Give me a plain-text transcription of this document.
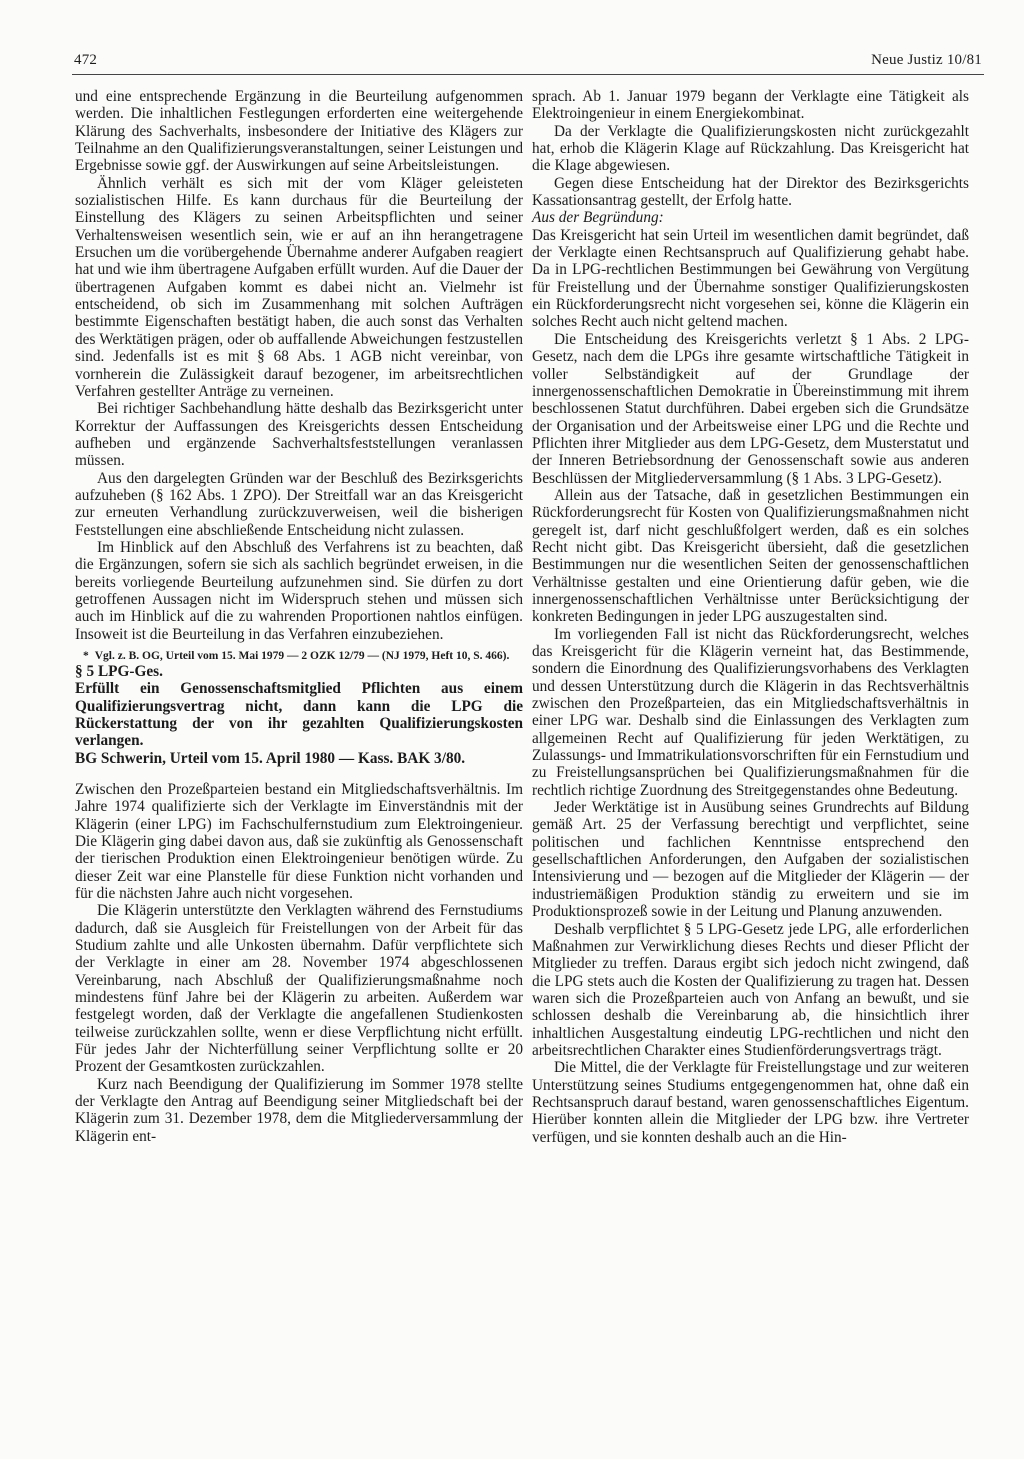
472	Neue Justiz 10/81

und eine entsprechende Ergänzung in die Beurteilung aufgenommen werden. Die inhaltlichen Festlegungen erforderten eine weitergehende Klärung des Sachverhalts, insbesondere der Initiative des Klägers zur Teilnahme an den Qualifizierungsveranstaltungen, seiner Leistungen und Ergebnisse sowie ggf. der Auswirkungen auf seine Arbeitsleistungen.

Ähnlich verhält es sich mit der vom Kläger geleisteten sozialistischen Hilfe. Es kann durchaus für die Beurteilung der Einstellung des Klägers zu seinen Arbeitspflichten und seiner Verhaltensweisen wesentlich sein, wie er auf an ihn herangetragene Ersuchen um die vorübergehende Übernahme anderer Aufgaben reagiert hat und wie ihm übertragene Aufgaben erfüllt wurden. Auf die Dauer der übertragenen Aufgaben kommt es dabei nicht an. Vielmehr ist entscheidend, ob sich im Zusammenhang mit solchen Aufträgen bestimmte Eigenschaften bestätigt haben, die auch sonst das Verhalten des Werktätigen prägen, oder ob auffallende Abweichungen festzustellen sind. Jedenfalls ist es mit § 68 Abs. 1 AGB nicht vereinbar, von vornherein die Zulässigkeit darauf bezogener, im arbeitsrechtlichen Verfahren gestellter Anträge zu verneinen.

Bei richtiger Sachbehandlung hätte deshalb das Bezirksgericht unter Korrektur der Auffassungen des Kreisgerichts dessen Entscheidung aufheben und ergänzende Sachverhaltsfeststellungen veranlassen müssen.

Aus den dargelegten Gründen war der Beschluß des Bezirksgerichts aufzuheben (§ 162 Abs. 1 ZPO). Der Streitfall war an das Kreisgericht zur erneuten Verhandlung zurückzuverweisen, weil die bisherigen Feststellungen eine abschließende Entscheidung nicht zulassen.

Im Hinblick auf den Abschluß des Verfahrens ist zu beachten, daß die Ergänzungen, sofern sie sich als sachlich begründet erweisen, in die bereits vorliegende Beurteilung aufzunehmen sind. Sie dürfen zu dort getroffenen Aussagen nicht im Widerspruch stehen und müssen sich auch im Hinblick auf die zu wahrenden Proportionen nahtlos einfügen. Insoweit ist die Beurteilung in das Verfahren einzubeziehen.

* Vgl. z. B. OG, Urteil vom 15. Mai 1979 — 2 OZK 12/79 — (NJ 1979, Heft 10, S. 466).

§ 5 LPG-Ges.

Erfüllt ein Genossenschaftsmitglied Pflichten aus einem Qualifizierungsvertrag nicht, dann kann die LPG die Rückerstattung der von ihr gezahlten Qualifizierungskosten verlangen.

BG Schwerin, Urteil vom 15. April 1980 — Kass. BAK 3/80.

Zwischen den Prozeßparteien bestand ein Mitgliedschaftsverhältnis. Im Jahre 1974 qualifizierte sich der Verklagte im Einverständnis mit der Klägerin (einer LPG) im Fachschulfernstudium zum Elektroingenieur. Die Klägerin ging dabei davon aus, daß sie zukünftig als Genossenschaft der tierischen Produktion einen Elektroingenieur benötigen würde. Zu dieser Zeit war eine Planstelle für diese Funktion nicht vorhanden und für die nächsten Jahre auch nicht vorgesehen.

Die Klägerin unterstützte den Verklagten während des Fernstudiums dadurch, daß sie Ausgleich für Freistellungen von der Arbeit für das Studium zahlte und alle Unkosten übernahm. Dafür verpflichtete sich der Verklagte in einer am 28. November 1974 abgeschlossenen Vereinbarung, nach Abschluß der Qualifizierungsmaßnahme noch mindestens fünf Jahre bei der Klägerin zu arbeiten. Außerdem war festgelegt worden, daß der Verklagte die angefallenen Studienkosten teilweise zurückzahlen sollte, wenn er diese Verpflichtung nicht erfüllt. Für jedes Jahr der Nichterfüllung seiner Verpflichtung sollte er 20 Prozent der Gesamtkosten zurückzahlen.

Kurz nach Beendigung der Qualifizierung im Sommer 1978 stellte der Verklagte den Antrag auf Beendigung seiner Mitgliedschaft bei der Klägerin zum 31. Dezember 1978, dem die Mitgliederversammlung der Klägerin ent-

sprach. Ab 1. Januar 1979 begann der Verklagte eine Tätigkeit als Elektroingenieur in einem Energiekombinat.

Da der Verklagte die Qualifizierungskosten nicht zurückgezahlt hat, erhob die Klägerin Klage auf Rückzahlung. Das Kreisgericht hat die Klage abgewiesen.

Gegen diese Entscheidung hat der Direktor des Bezirksgerichts Kassationsantrag gestellt, der Erfolg hatte.

Aus der Begründung:

Das Kreisgericht hat sein Urteil im wesentlichen damit begründet, daß der Verklagte einen Rechtsanspruch auf Qualifizierung gehabt habe. Da in LPG-rechtlichen Bestimmungen bei Gewährung von Vergütung für Freistellung und der Übernahme sonstiger Qualifizierungskosten ein Rückforderungsrecht nicht vorgesehen sei, könne die Klägerin ein solches Recht auch nicht geltend machen.

Die Entscheidung des Kreisgerichts verletzt § 1 Abs. 2 LPG-Gesetz, nach dem die LPGs ihre gesamte wirtschaftliche Tätigkeit in voller Selbständigkeit auf der Grundlage der innergenossenschaftlichen Demokratie in Übereinstimmung mit ihrem beschlossenen Statut durchführen. Dabei ergeben sich die Grundsätze der Organisation und der Arbeitsweise einer LPG und die Rechte und Pflichten ihrer Mitglieder aus dem LPG-Gesetz, dem Musterstatut und der Inneren Betriebsordnung der Genossenschaft sowie aus anderen Beschlüssen der Mitgliederversammlung (§ 1 Abs. 3 LPG-Gesetz).

Allein aus der Tatsache, daß in gesetzlichen Bestimmungen ein Rückforderungsrecht für Kosten von Qualifizierungsmaßnahmen nicht geregelt ist, darf nicht geschlußfolgert werden, daß es ein solches Recht nicht gibt. Das Kreisgericht übersieht, daß die gesetzlichen Bestimmungen nur die wesentlichen Seiten der genossenschaftlichen Verhältnisse gestalten und eine Orientierung dafür geben, wie die innergenossenschaftlichen Verhältnisse unter Berücksichtigung der konkreten Bedingungen in jeder LPG auszugestalten sind.

Im vorliegenden Fall ist nicht das Rückforderungsrecht, welches das Kreisgericht für die Klägerin verneint hat, das Bestimmende, sondern die Einordnung des Qualifizierungsvorhabens des Verklagten und dessen Unterstützung durch die Klägerin in das Rechtsverhältnis zwischen den Prozeßparteien, das ein Mitgliedschaftsverhältnis in einer LPG war. Deshalb sind die Einlassungen des Verklagten zum allgemeinen Recht auf Qualifizierung für jeden Werktätigen, zu Zulassungs- und Immatrikulationsvorschriften für ein Fernstudium und zu Freistellungsansprüchen bei Qualifizierungsmaßnahmen für die rechtlich richtige Zuordnung des Streitgegenstandes ohne Bedeutung.

Jeder Werktätige ist in Ausübung seines Grundrechts auf Bildung gemäß Art. 25 der Verfassung berechtigt und verpflichtet, seine politischen und fachlichen Kenntnisse entsprechend den gesellschaftlichen Anforderungen, den Aufgaben der sozialistischen Intensivierung und — bezogen auf die Mitglieder der Klägerin — der industriemäßigen Produktion ständig zu erweitern und sie im Produktionsprozeß sowie in der Leitung und Planung anzuwenden.

Deshalb verpflichtet § 5 LPG-Gesetz jede LPG, alle erforderlichen Maßnahmen zur Verwirklichung dieses Rechts und dieser Pflicht der Mitglieder zu treffen. Daraus ergibt sich jedoch nicht zwingend, daß die LPG stets auch die Kosten der Qualifizierung zu tragen hat. Dessen waren sich die Prozeßparteien auch von Anfang an bewußt, und sie schlossen deshalb die Vereinbarung ab, die hinsichtlich ihrer inhaltlichen Ausgestaltung eindeutig LPG-rechtlichen und nicht den arbeitsrechtlichen Charakter eines Studienförderungsvertrags trägt.

Die Mittel, die der Verklagte für Freistellungstage und zur weiteren Unterstützung seines Studiums entgegengenommen hat, ohne daß ein Rechtsanspruch darauf bestand, waren genossenschaftliches Eigentum. Hierüber konnten allein die Mitglieder der LPG bzw. ihre Vertreter verfügen, und sie konnten deshalb auch an die Hin-
